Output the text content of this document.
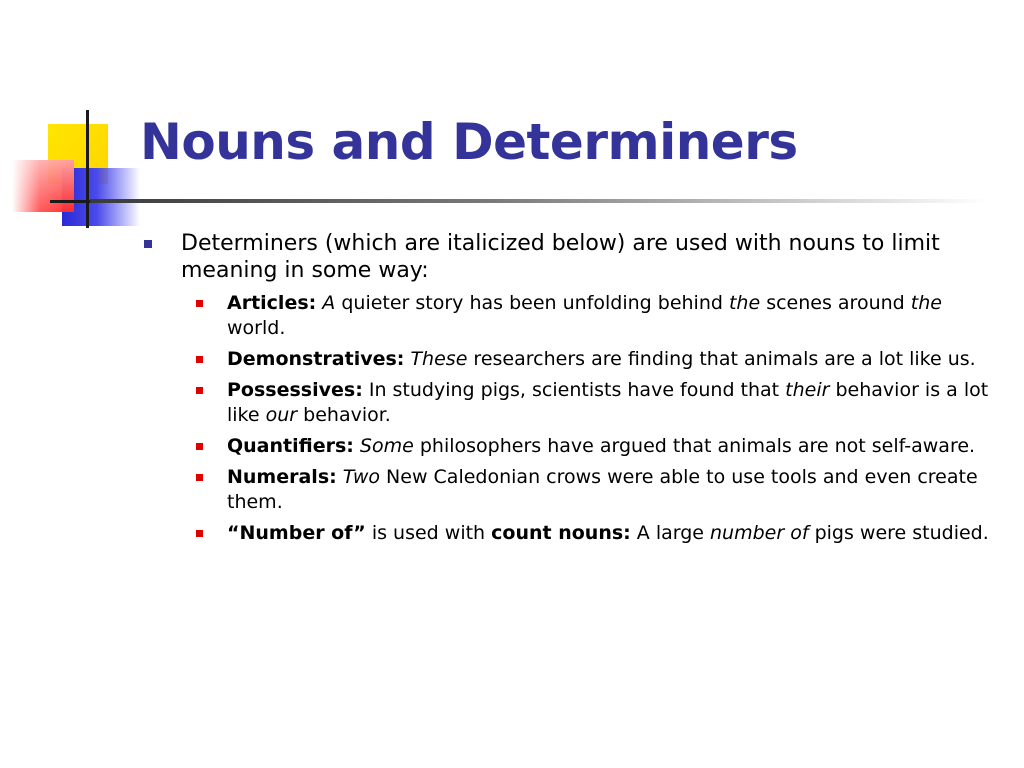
Nouns and Determiners
Determiners (which are italicized below) are used with nouns to limit meaning in some way:
Articles: A quieter story has been unfolding behind the scenes around the world.
Demonstratives: These researchers are finding that animals are a lot like us.
Possessives: In studying pigs, scientists have found that their behavior is a lot like our behavior.
Quantifiers: Some philosophers have argued that animals are not self-aware.
Numerals: Two New Caledonian crows were able to use tools and even create them.
“Number of” is used with count nouns: A large number of pigs were studied.
